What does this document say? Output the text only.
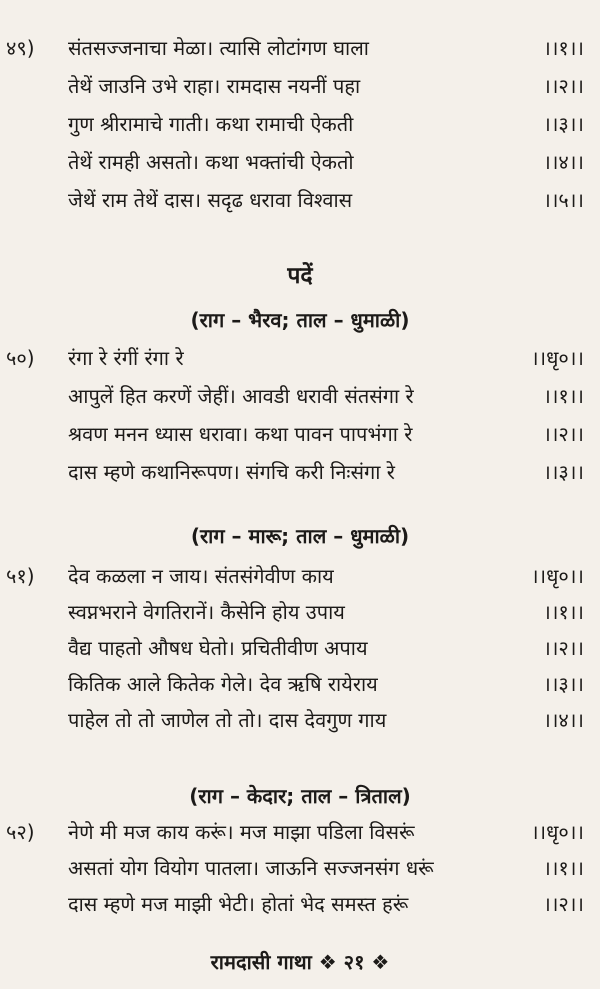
४९) संतसज्जनाचा मेळा। त्यासि लोटांगण घाला	।।१।।
तेथें जाउनि उभे राहा। रामदास नयनीं पहा	।।२।।
गुण श्रीरामाचे गाती। कथा रामाची ऐकती	।।३।।
तेथें रामही असतो। कथा भक्तांची ऐकतो	।।४।।
जेथें राम तेथें दास। सदृढ धरावा विश्वास	।।५।।
पदें
(राग – भैरव; ताल – धुमाळी)
५०) रंगा रे रंगीं रंगा रे	।।धृ०।।
आपुलें हित करणें जेहीं। आवडी धरावी संतसंगा रे	।।१।।
श्रवण मनन ध्यास धरावा। कथा पावन पापभंगा रे	।।२।।
दास म्हणे कथानिरूपण। संगचि करी निःसंगा रे	।।३।।
(राग – मारू; ताल – धुमाळी)
५१) देव कळला न जाय। संतसंगेवीण काय	।।धृ०।।
स्वप्नभराने वेगतिरानें। कैसेनि होय उपाय	।।१।।
वैद्य पाहतो औषध घेतो। प्रचितीवीण अपाय	।।२।।
कितिक आले कितेक गेले। देव ऋषि रायेराय	।।३।।
पाहेल तो तो जाणेल तो तो। दास देवगुण गाय	।।४।।
(राग – केदार; ताल – त्रिताल)
५२) नेणे मी मज काय करूं। मज माझा पडिला विसरूं	।।धृ०।।
असतां योग वियोग पातला। जाऊनि सज्जनसंग धरूं	।।१।।
दास म्हणे मज माझी भेटी। होतां भेद समस्त हरूं	।।२।।
रामदासी गाथा ❖ २१ ❖
